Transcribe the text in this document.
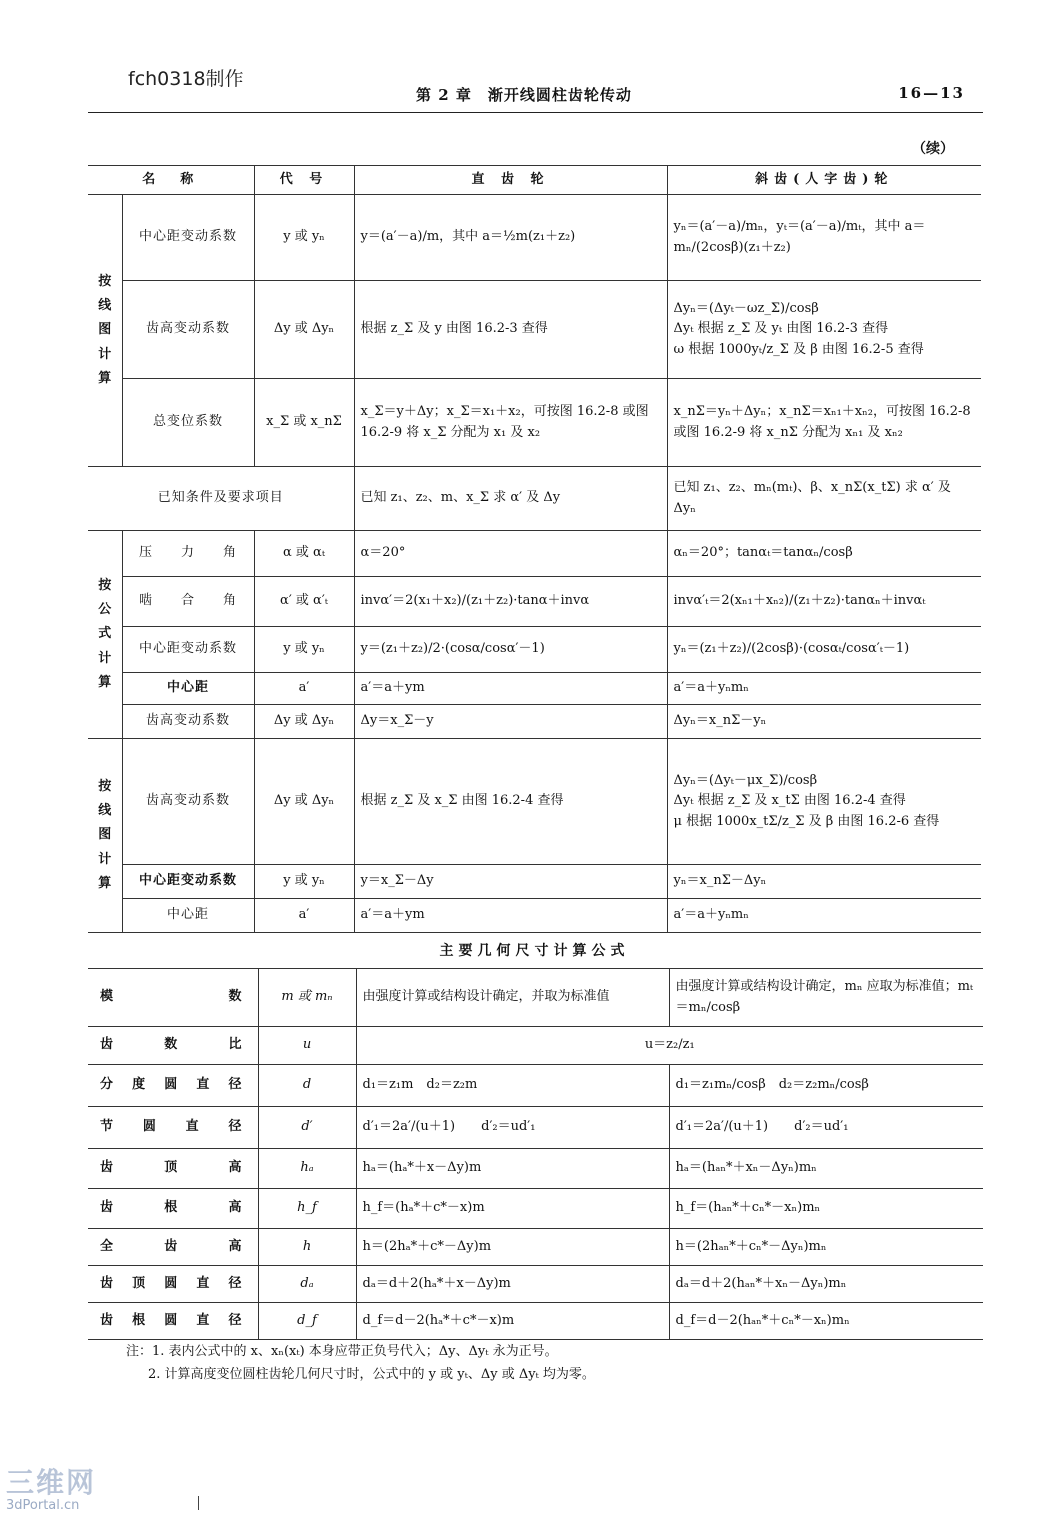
fch0318制作
第 2 章　渐开线圆柱齿轮传动	16—13
（续）
名　称		代 号	直 齿 轮	斜齿(人字齿)轮
按
线
图
计
算	中心距变动系数	y 或 yₙ	y＝(a′－a)/m，其中 a＝½m(z₁＋z₂)	yₙ＝(a′－a)/mₙ，yₜ＝(a′－a)/mₜ，其中 a＝mₙ/(2cosβ)(z₁＋z₂)
	齿高变动系数	Δy 或 Δyₙ	根据 z_Σ 及 y 由图 16.2-3 查得	Δyₙ＝(Δyₜ－ωz_Σ)/cosβ
Δyₜ 根据 z_Σ 及 yₜ 由图 16.2-3 查得
ω 根据 1000yₜ/z_Σ 及 β 由图 16.2-5 查得
	总变位系数	x_Σ 或 x_nΣ	x_Σ＝y＋Δy；x_Σ＝x₁＋x₂，可按图 16.2-8 或图 16.2-9 将 x_Σ 分配为 x₁ 及 x₂	x_nΣ＝yₙ＋Δyₙ；x_nΣ＝xₙ₁＋xₙ₂，可按图 16.2-8 或图 16.2-9 将 x_nΣ 分配为 xₙ₁ 及 xₙ₂
已知条件及要求项目			已知 z₁、z₂、m、x_Σ 求 α′ 及 Δy	已知 z₁、z₂、mₙ(mₜ)、β、x_nΣ(x_tΣ) 求 α′ 及 Δyₙ
按
公
式
计
算	压　　力　　角	α 或 αₜ	α＝20°	αₙ＝20°；tanαₜ＝tanαₙ/cosβ
	啮　　合　　角	α′ 或 α′ₜ	invα′＝2(x₁＋x₂)/(z₁＋z₂)·tanα＋invα	invα′ₜ＝2(xₙ₁＋xₙ₂)/(z₁＋z₂)·tanαₙ＋invαₜ
	中心距变动系数	y 或 yₙ	y＝(z₁＋z₂)/2·(cosα/cosα′－1)	yₙ＝(z₁＋z₂)/(2cosβ)·(cosαₜ/cosα′ₜ－1)
	中心距	a′	a′＝a＋ym	a′＝a＋yₙmₙ
	齿高变动系数	Δy 或 Δyₙ	Δy＝x_Σ－y	Δyₙ＝x_nΣ－yₙ
按
线
图
计
算	齿高变动系数	Δy 或 Δyₙ	根据 z_Σ 及 x_Σ 由图 16.2-4 查得	Δyₙ＝(Δyₜ－μx_Σ)/cosβ
Δyₜ 根据 z_Σ 及 x_tΣ 由图 16.2-4 查得
μ 根据 1000x_tΣ/z_Σ 及 β 由图 16.2-6 查得
	中心距变动系数	y 或 yₙ	y＝x_Σ－Δy	yₙ＝x_nΣ－Δyₙ
	中心距	a′	a′＝a＋ym	a′＝a＋yₙmₙ
主要几何尺寸计算公式
模数	m 或 mₙ	由强度计算或结构设计确定，并取为标准值	由强度计算或结构设计确定，mₙ 应取为标准值；mₜ＝mₙ/cosβ
齿数比	u	u＝z₂/z₁	
分度圆直径	d	d₁＝z₁m　d₂＝z₂m	d₁＝z₁mₙ/cosβ　d₂＝z₂mₙ/cosβ
节圆直径	d′	d′₁＝2a′/(u＋1)　　d′₂＝ud′₁	d′₁＝2a′/(u＋1)　　d′₂＝ud′₁
齿顶高	hₐ	hₐ＝(hₐ*＋x－Δy)m	hₐ＝(hₐₙ*＋xₙ－Δyₙ)mₙ
齿根高	h_f	h_f＝(hₐ*＋c*－x)m	h_f＝(hₐₙ*＋cₙ*－xₙ)mₙ
全齿高	h	h＝(2hₐ*＋c*－Δy)m	h＝(2hₐₙ*＋cₙ*－Δyₙ)mₙ
齿顶圆直径	dₐ	dₐ＝d＋2(hₐ*＋x－Δy)m	dₐ＝d＋2(hₐₙ*＋xₙ－Δyₙ)mₙ
齿根圆直径	d_f	d_f＝d－2(hₐ*＋c*－x)m	d_f＝d－2(hₐₙ*＋cₙ*－xₙ)mₙ
注：1. 表内公式中的 x、xₙ(xₜ) 本身应带正负号代入；Δy、Δyₜ 永为正号。
2. 计算高度变位圆柱齿轮几何尺寸时，公式中的 y 或 yₜ、Δy 或 Δyₜ 均为零。
三维网
3dPortal.cn
